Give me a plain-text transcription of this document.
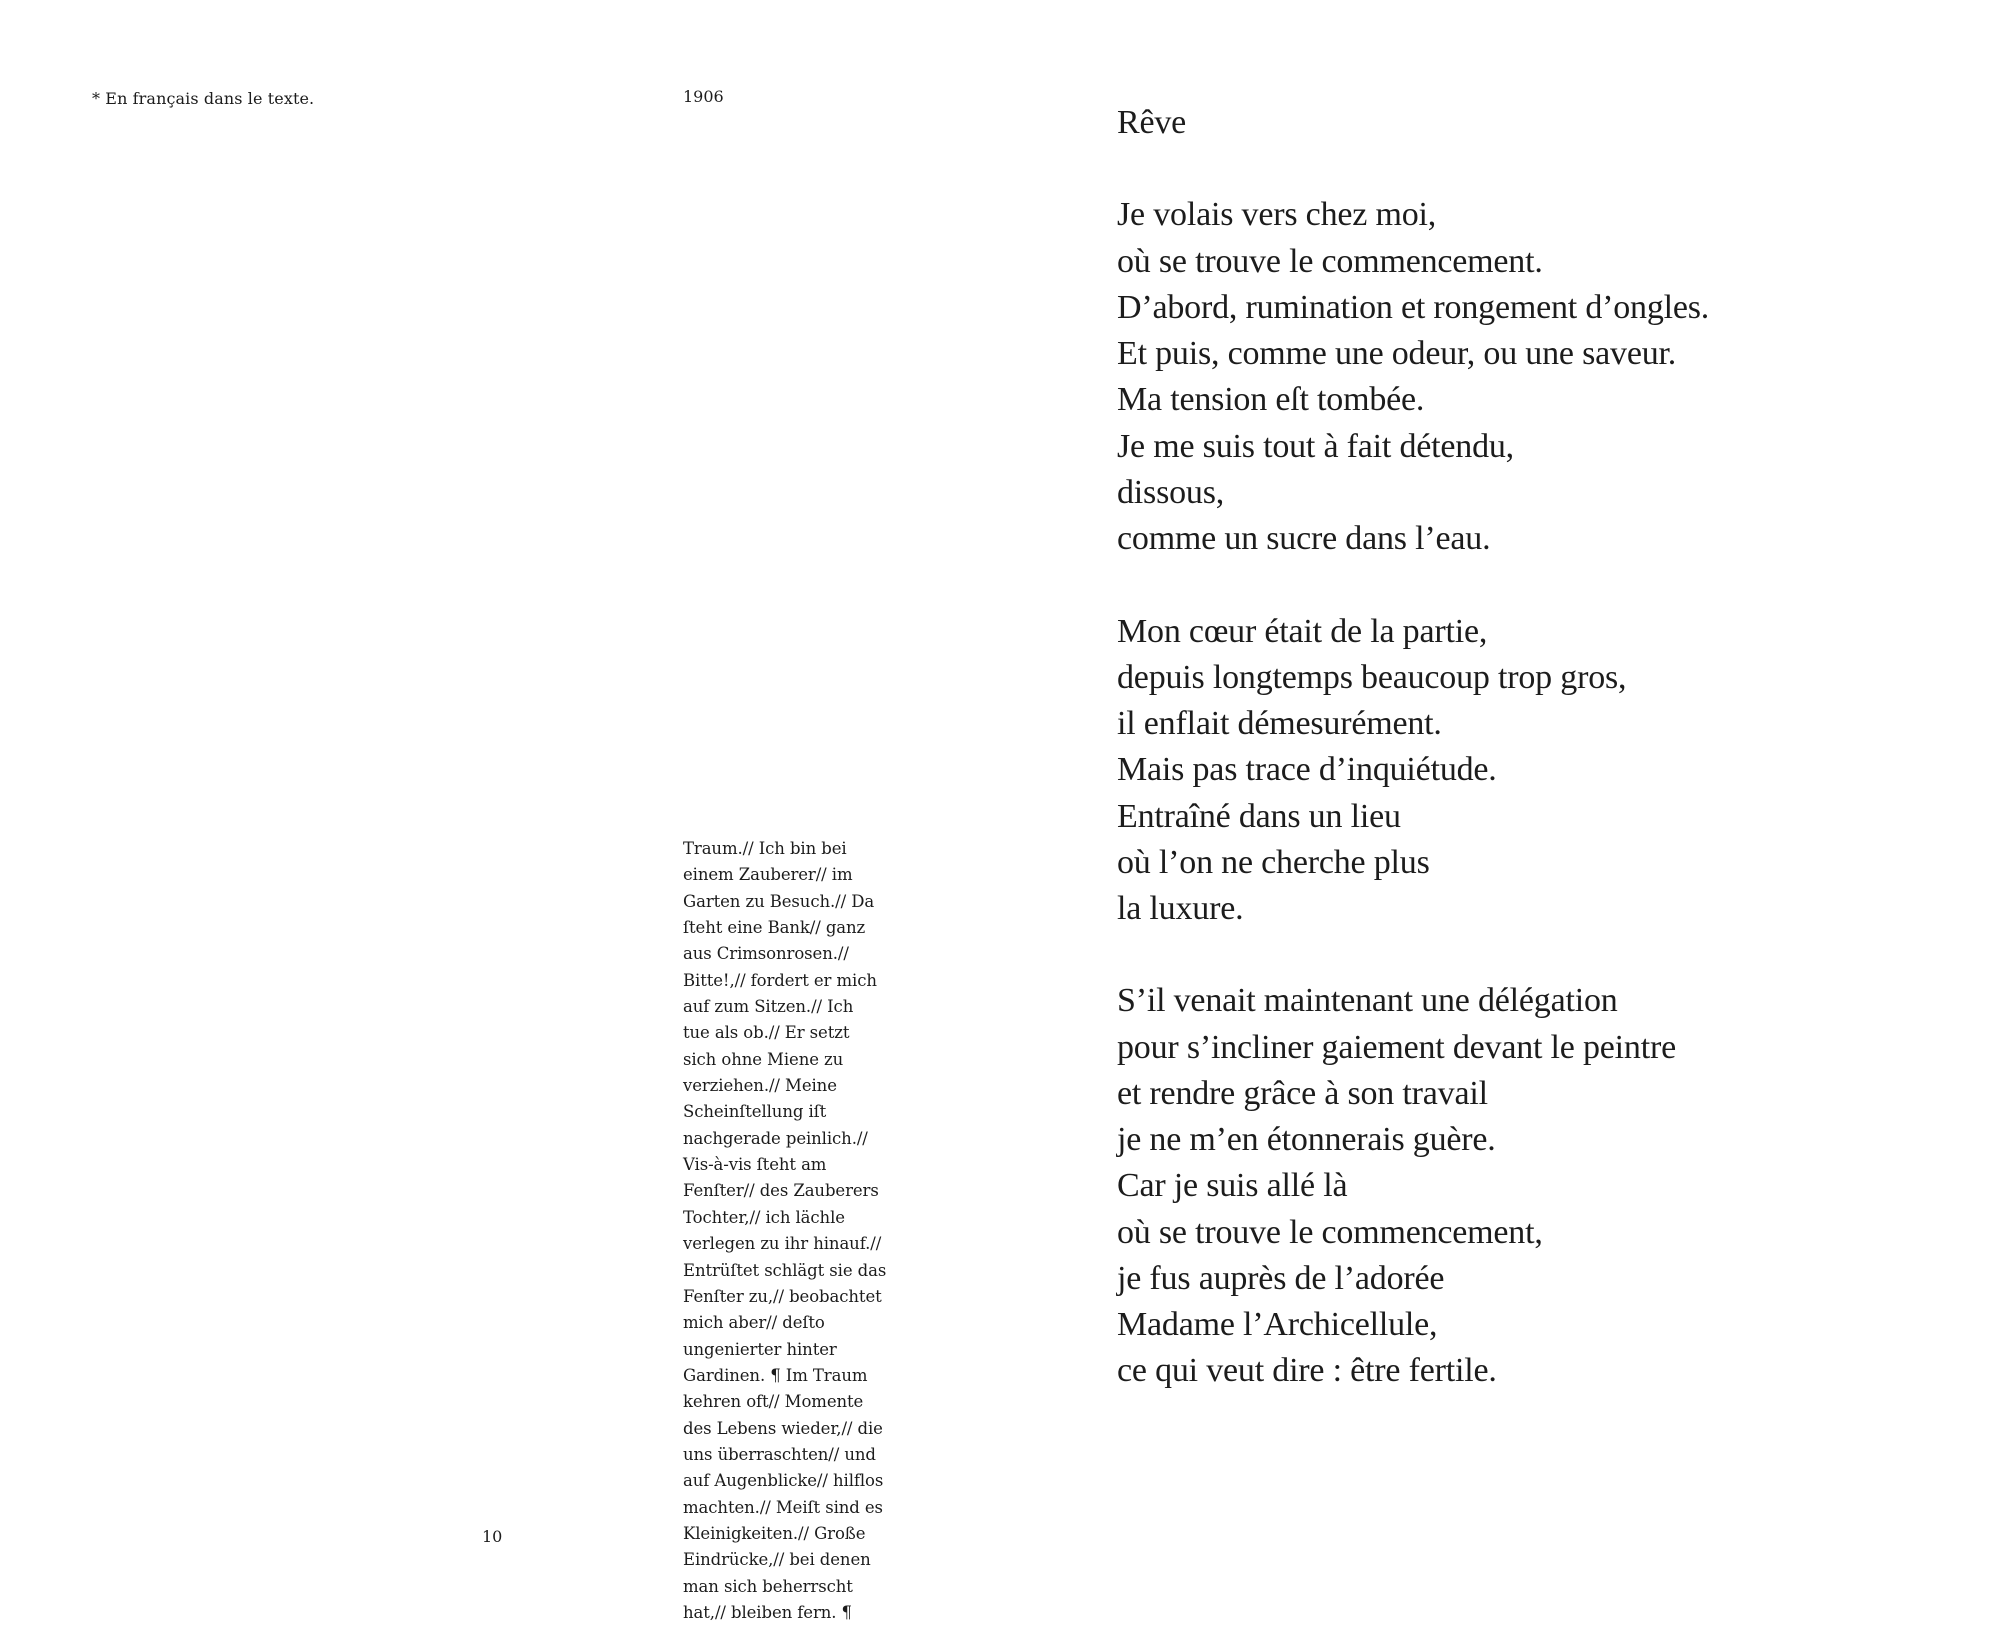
* En français dans le texte.	1906
Traum.// Ich bin bei
einem Zauberer// im
Garten zu Besuch.// Da
ſteht eine Bank// ganz
aus Crimsonrosen.//
Bitte!,// fordert er mich
auf zum Sitzen.// Ich
tue als ob.// Er setzt
sich ohne Miene zu
verziehen.// Meine
Scheinſtellung iſt
nachgerade peinlich.//
Vis-à-vis ſteht am
Fenſter// des Zauberers
Tochter,// ich lächle
verlegen zu ihr hinauf.//
Entrüſtet schlägt sie das
Fenſter zu,// beobachtet
mich aber// deſto
ungenierter hinter
Gardinen. ¶ Im Traum
kehren oft// Momente
des Lebens wieder,// die
uns überraschten// und
auf Augenblicke// hilflos
machten.// Meiſt sind es
Kleinigkeiten.// Große
Eindrücke,// bei denen
man sich beherrscht
hat,// bleiben fern. ¶
10
Rêve
Je volais vers chez moi,
où se trouve le commencement.
D’abord, rumination et rongement d’ongles.
Et puis, comme une odeur, ou une saveur.
Ma tension eſt tombée.
Je me suis tout à fait détendu,
dissous,
comme un sucre dans l’eau.
Mon cœur était de la partie,
depuis longtemps beaucoup trop gros,
il enflait démesurément.
Mais pas trace d’inquiétude.
Entraîné dans un lieu
où l’on ne cherche plus
la luxure.
S’il venait maintenant une délégation
pour s’incliner gaiement devant le peintre
et rendre grâce à son travail
je ne m’en étonnerais guère.
Car je suis allé là
où se trouve le commencement,
je fus auprès de l’adorée
Madame l’Archicellule,
ce qui veut dire : être fertile.
